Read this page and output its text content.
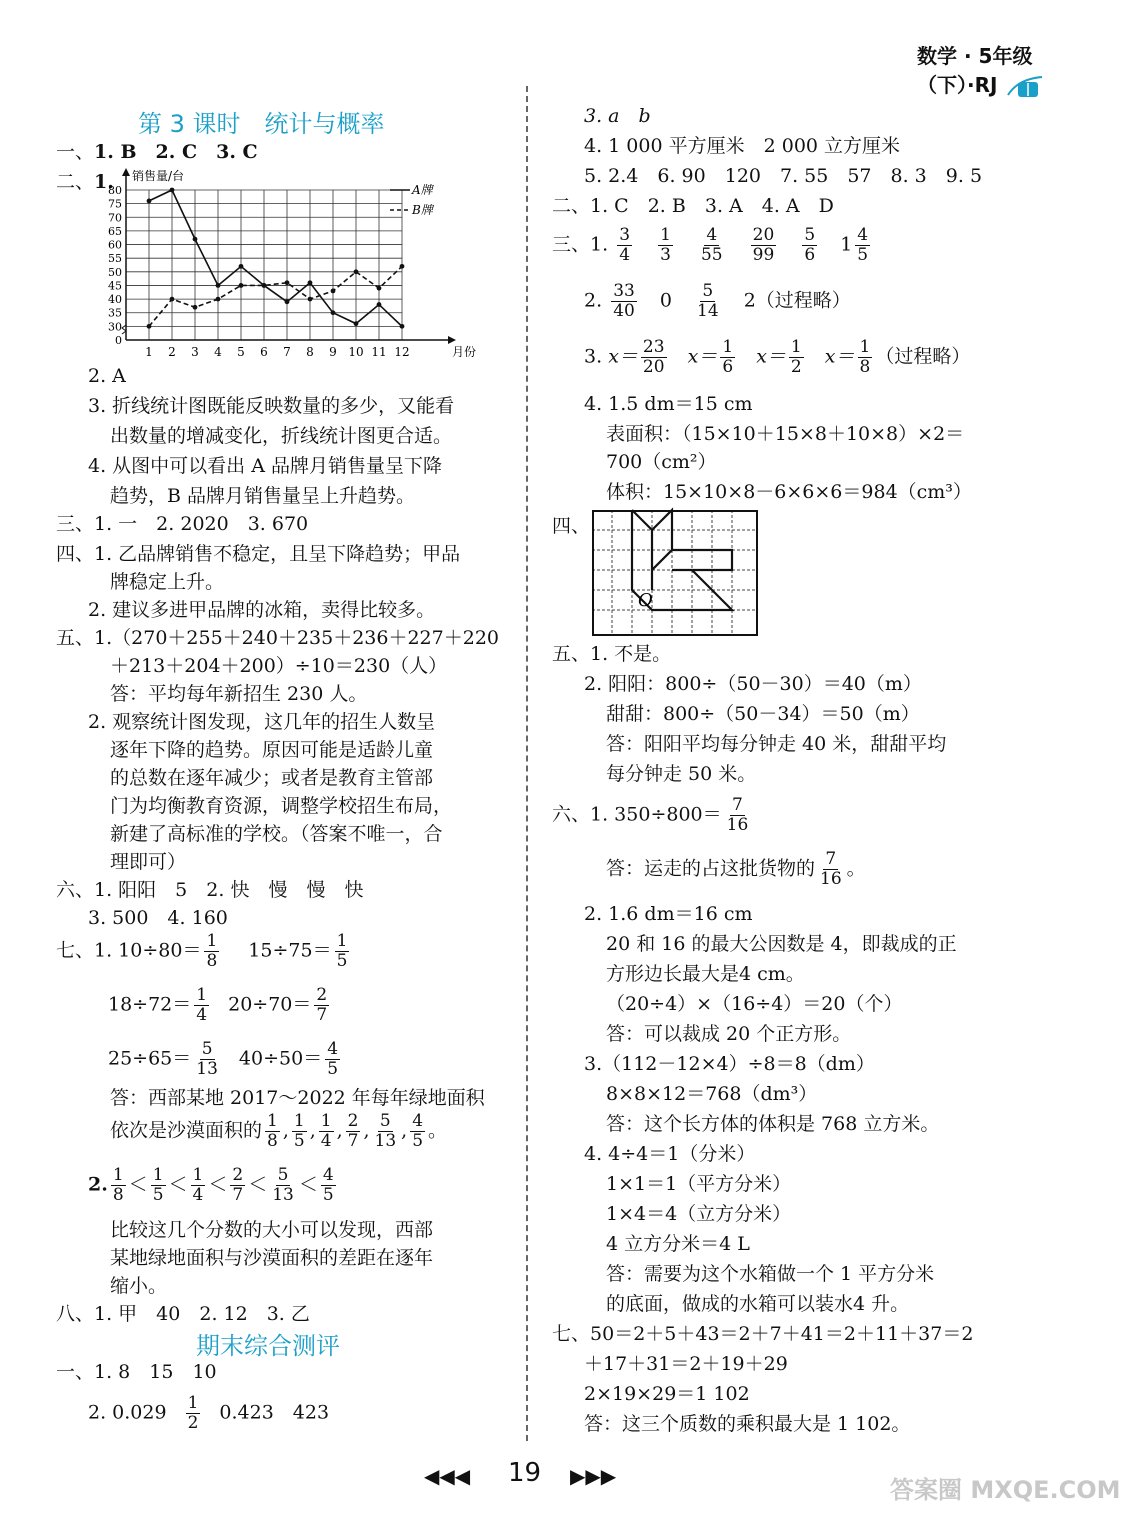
数学 · 5年级（下）·RJ
第 3 课时　统计与概率
一、1. B　2. C　3. C
二、1.
0
30
35
40
45
50
55
60
65
70
75
80
1 2 3 4 5 6 7 8 9 10 11 12	月份
销售量/台
A牌
B牌
2. A
3. 折线统计图既能反映数量的多少，又能看
出数量的增减变化，折线统计图更合适。
4. 从图中可以看出 A 品牌月销售量呈下降
趋势，B 品牌月销售量呈上升趋势。
三、1. 一　2. 2020　3. 670
四、1. 乙品牌销售不稳定，且呈下降趋势；甲品
牌稳定上升。
2. 建议多进甲品牌的冰箱，卖得比较多。
五、1.（270＋255＋240＋235＋236＋227＋220
＋213＋204＋200）÷10＝230（人）
答：平均每年新招生 230 人。
2. 观察统计图发现，这几年的招生人数呈
逐年下降的趋势。原因可能是适龄儿童
的总数在逐年减少；或者是教育主管部
门为均衡教育资源，调整学校招生布局，
新建了高标准的学校。（答案不唯一，合
理即可）
六、1. 阳阳　5　2. 快　慢　慢　快
3. 500　4. 160
七、1. $10\div 80= \frac{1}{8} 15\div 75= \frac{1}{5}$
$18\div 72= \frac{1}{4} 20\div 70= \frac{2}{7}$
$25\div 65= \frac{5}{13} 40\div 50= \frac{4}{5}$
答：西部某地 2017～2022 年每年绿地面积
依次是沙漠面积的 $\frac{1}{8}$ , $\frac{1}{5}$ , $\frac{1}{4}$ , $\frac{2}{7}$ , $\frac{5}{13}$ , $\frac{4}{5}$ 。
2. $\frac{1}{8} < \frac{1}{5} < \frac{1}{4} < \frac{2}{7} < \frac{5}{13} < \frac{4}{5}$
比较这几个分数的大小可以发现，西部
某地绿地面积与沙漠面积的差距在逐年
缩小。
八、1. 甲　40　2. 12　3. 乙
期末综合测评
一、1. 8　15　10
2. $0.029 \frac{1}{2} 0.423$　423
3. a　b
4. 1 000 平方厘米　2 000 立方厘米
5. 2.4　6. 90　120　7. 55　57　8. 3　9. 5
二、1. C　2. B　3. A　4. A　D
三、1. $\frac{3}{4}$
$\frac{1}{3}$
$\frac{4}{55}$
$\frac{20}{99}$
$\frac{5}{6} 1 \frac{4}{5}$
2. $\frac{33}{40} 0 \frac{5}{14} 2$（过程略）
3. $x= \frac{23}{20} x= \frac{1}{6} x= \frac{1}{2} x= \frac{1}{8}$ （过程略）
4. 1.5 dm＝15 cm
表面积：（15×10＋15×8＋10×8）×2＝
700（cm²）
体积：15×10×8－6×6×6＝984（cm³）
四、
O
五、1. 不是。
2. 阳阳：800÷（50－30）＝40（m）
甜甜：800÷（50－34）＝50（m）
答：阳阳平均每分钟走 40 米，甜甜平均
每分钟走 50 米。
六、1. $350\div 800= \frac{7}{16}$
答：运走的占这批货物的 $\frac{7}{16}$ 。
2. 1.6 dm＝16 cm
20 和 16 的最大公因数是 4，即裁成的正
方形边长最大是4 cm。
（20÷4）×（16÷4）＝20（个）
答：可以裁成 20 个正方形。
3.（112－12×4）÷8＝8（dm）
8×8×12＝768（dm³）
答：这个长方体的体积是 768 立方米。
4. 4÷4＝1（分米）
1×1＝1（平方分米）
1×4＝4（立方分米）
4 立方分米＝4 L
答：需要为这个水箱做一个 1 平方分米
的底面，做成的水箱可以装水4 升。
七、50＝2＋5＋43＝2＋7＋41＝2＋11＋37＝2
＋17＋31＝2＋19＋29
2×19×29＝1 102
答：这三个质数的乘积最大是 1 102。
◀◀◀ 19 ▶▶▶	答案圈 MXQE.COM
